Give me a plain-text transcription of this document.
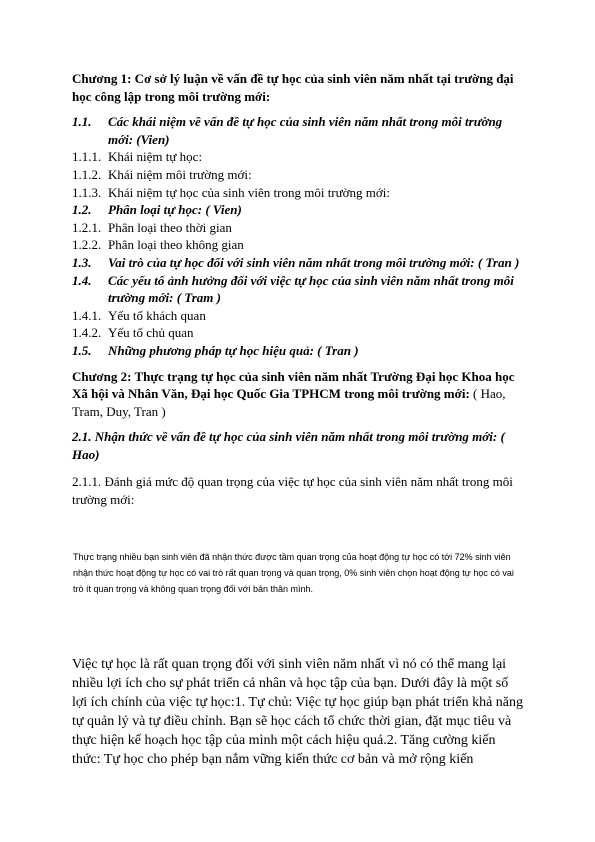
Chương 1: Cơ sở lý luận về vấn đề tự học của sinh viên năm nhất tại trường đại học công lập trong môi trường mới:

1.1.	Các khái niệm về vấn đề tự học của sinh viên năm nhất trong môi trường mới: (Vien)
1.1.1. Khái niệm tự học:
1.1.2. Khái niệm môi trường mới:
1.1.3. Khái niệm tự học của sinh viên trong môi trường mới:
1.2.	Phân loại tự học: ( Vien)
1.2.1. Phân loại theo thời gian
1.2.2. Phân loại theo không gian
1.3.	Vai trò của tự học đối với sinh viên năm nhất trong môi trường mới: ( Tran )
1.4.	Các yếu tố ảnh hưởng đối với việc tự học của sinh viên năm nhất trong môi trường mới: ( Tram )
1.4.1. Yếu tố khách quan
1.4.2. Yếu tố chủ quan
1.5.	Những phương pháp tự học hiệu quả: ( Tran )

Chương 2: Thực trạng tự học của sinh viên năm nhất Trường Đại học Khoa học Xã hội và Nhân Văn, Đại học Quốc Gia TPHCM trong môi trường mới: ( Hao, Tram, Duy, Tran )

2.1. Nhận thức về vấn đề tự học của sinh viên năm nhất trong môi trường mới: ( Hao)

2.1.1. Đánh giá mức độ quan trọng của việc tự học của sinh viên năm nhất trong môi trường mới:

Thực trạng nhiều bạn sinh viên đã nhận thức được tầm quan trọng của hoạt động tự học có tới 72% sinh viên nhận thức hoạt động tự học có vai trò rất quan trọng và quan trọng, 0% sinh viên chọn hoạt động tự học có vai trò ít quan trọng và không quan trọng đối với bản thân mình.

Việc tự học là rất quan trọng đối với sinh viên năm nhất vì nó có thể mang lại nhiều lợi ích cho sự phát triển cá nhân và học tập của bạn. Dưới đây là một số lợi ích chính của việc tự học:1. Tự chủ: Việc tự học giúp bạn phát triển khả năng tự quản lý và tự điều chỉnh. Bạn sẽ học cách tổ chức thời gian, đặt mục tiêu và thực hiện kế hoạch học tập của mình một cách hiệu quả.2. Tăng cường kiến thức: Tự học cho phép bạn nắm vững kiến thức cơ bản và mở rộng kiến
